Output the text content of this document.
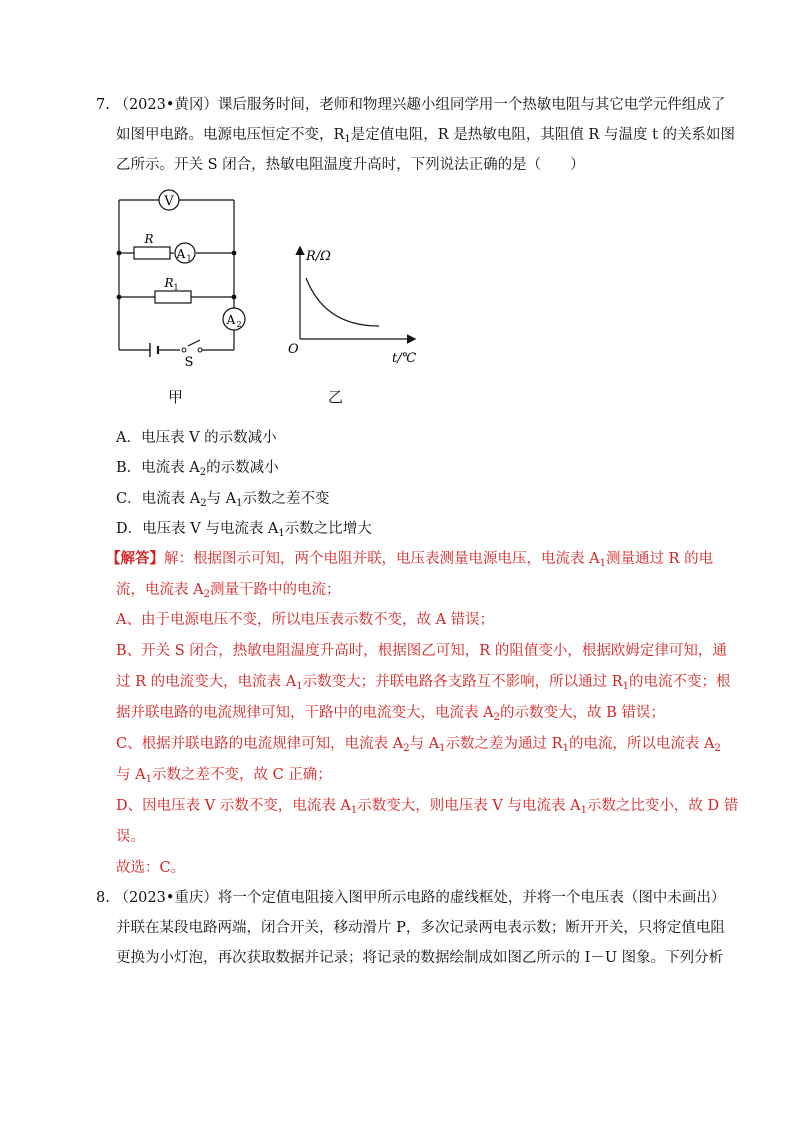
7. （2023•黄冈）课后服务时间，老师和物理兴趣小组同学用一个热敏电阻与其它电学元件组成了
如图甲电路。电源电压恒定不变，$R_1$是定值电阻，R 是热敏电阻，其阻值 R 与温度 t 的关系如图
乙所示。开关 S 闭合，热敏电阻温度升高时，下列说法正确的是（　　）
V
R
A 1
R 1
A 2
S
甲
R/Ω
O
t/℃
乙
A．电压表 V 的示数减小
B．电流表 $A_2$的示数减小
C．电流表 $A_2$与 $A_1$示数之差不变
D．电压表 V 与电流表 $A_1$示数之比增大
【解答】解：根据图示可知，两个电阻并联，电压表测量电源电压，电流表 $A_1$测量通过 R 的电
流，电流表 $A_2$测量干路中的电流；
A、由于电源电压不变，所以电压表示数不变，故 A 错误；
B、开关 S 闭合，热敏电阻温度升高时，根据图乙可知，R 的阻值变小，根据欧姆定律可知，通
过 R 的电流变大，电流表 $A_1$示数变大；并联电路各支路互不影响，所以通过 $R_1$的电流不变；根
据并联电路的电流规律可知，干路中的电流变大，电流表 $A_2$的示数变大，故 B 错误；
C、根据并联电路的电流规律可知，电流表 $A_2$与 $A_1$示数之差为通过 $R_1$的电流，所以电流表 $A_2$
与 $A_1$示数之差不变，故 C 正确；
D、因电压表 V 示数不变，电流表 $A_1$示数变大，则电压表 V 与电流表 $A_1$示数之比变小，故 D 错
误。
故选：C。
8. （2023•重庆）将一个定值电阻接入图甲所示电路的虚线框处，并将一个电压表（图中未画出）
并联在某段电路两端，闭合开关，移动滑片 P，多次记录两电表示数；断开开关，只将定值电阻
更换为小灯泡，再次获取数据并记录；将记录的数据绘制成如图乙所示的 I－U 图象。下列分析
